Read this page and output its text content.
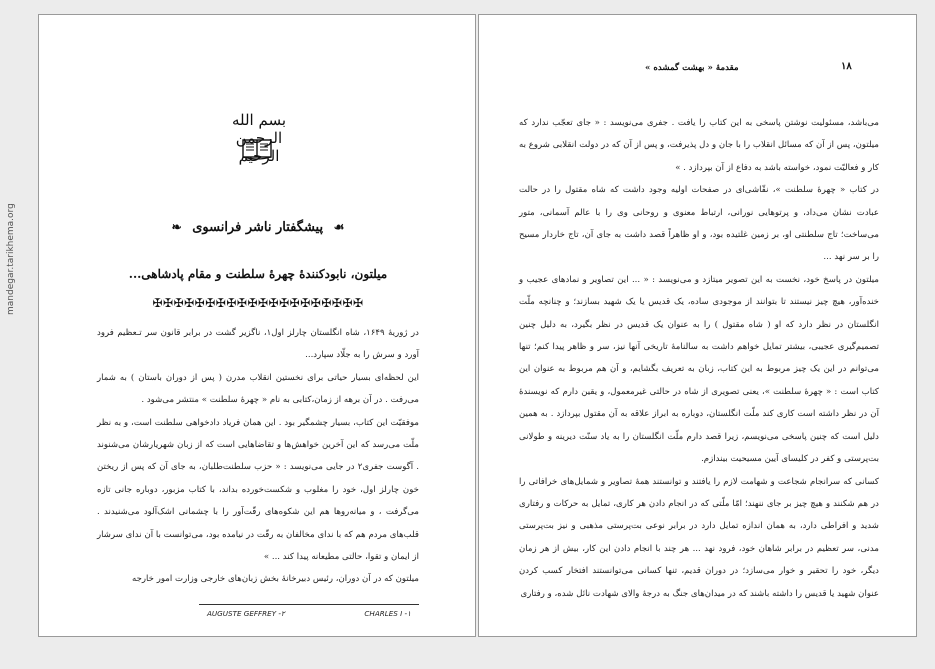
mandegar.tarikhema.org
بسم الله الرحمن الرحیم
☙ پیشگفتار ناشر فرانسوی ❧
میلتون، نابودکنندهٔ چهرهٔ سلطنت و مقام پادشاهی...
✠✠✠✠✠✠✠✠✠✠✠✠✠✠✠✠✠✠✠✠

در ژوریهٔ ۱۶۴۹، شاه انگلستان چارلز اول۱، ناگزیر گشت در برابر قانون سر تـعظیم فرود آورد و سرش را به جلّاد سپارد...

این لحظه‌ای بسیار حیاتی برای نخستین انقلاب مدرن ( پس از دوران باستان ) به شمار می‌رفت . در آن برهه از زمان،کتابی به نام « چهرهٔ سلطنت » منتشر می‌شود .

موفقیّت این کتاب، بسیار چشمگیر بود . این همان فریاد دادخواهی سلطنت است، و به نظر ملّت می‌رسد که این آخرین خواهش‌ها و تقاضاهایی است که از زبان شهریارشان می‌شنوند . آگوست جفری۲ در جایی می‌نویسد : « حزب سلطنت‌طلبان، به جای آن که پس از ریختن خون چارلز اول، خود را مغلوب و شکست‌خورده بداند، با کتاب مزبور، دوباره جانی تازه می‌گرفت ، و میانه‌روها هم این شکوه‌های رقّت‌آور را با چشمانی اشک‌آلود می‌شنیدند . قلب‌های مردم هم که با ندای مخالفان به رقّت در نیامده بود، می‌توانست با آن ندای سرشار از ایمان و تقوا، حالتی مطیعانه پیدا کند ... »

میلتون که در آن دوران، رئیس دبیرخانهٔ بخش زبان‌های خارجی وزارت امور خارجه

AUGUSTE GEFFREY -۲	CHARLES I -۱
مقدمهٔ « بهشت گمشده »	۱۸

می‌باشد، مسئولیت نوشتن پاسخی به این کتاب را یافت . جفری می‌نویسد : « جای تعجّب ندارد که میلتون، پس از آن که مسائل انقلاب را با جان و دل پذیرفت، و پس از آن که در دولت انقلابی شروع به کار و فعالیّت نمود، خواسته باشد به دفاع از آن بپردازد . »

در کتاب « چهرهٔ سلطنت »، نقّاشی‌ای در صفحات اولیه وجود داشت که شاه مقتول را در حالت عبادت نشان می‌داد، و پرتوهایی نورانی، ارتباط معنوی و روحانی وی را با عالم آسمانی، متور می‌ساخت؛ تاج سلطنتی او، بر زمین غلتیده بود، و او ظاهراً قصد داشت به جای آن، تاج خاردار مسیح را بر سر نهد ...

میلتون در پاسخ خود، نخست به این تصویر میتازد و می‌نویسد : « ... این تصاویر و نمادهای عجیب و خنده‌آور، هیچ چیز نیستند تا بتوانند از موجودی ساده، یک قدیس یا یک شهید بسازند؛ و چنانچه ملّت انگلستان در نظر دارد که او ( شاه مقتول ) را به عنوان یک قدیس در نظر بگیرد، به دلیل چنین تصمیم‌گیری عجیبی، بیشتر تمایل خواهم داشت به سالنامهٔ تاریخی آنها نیز، سر و ظاهر پیدا کنم؛ تنها می‌توانم در این یک چیز مربوط به این کتاب، زبان به تعریف بگشایم، و آن هم مربوط به عنوان این کتاب است : « چهرهٔ سلطنت »، یعنی تصویری از شاه در حالتی غیرمعمول، و یقین دارم که نویسندهٔ آن در نظر داشته است کاری کند ملّت انگلستان، دوباره به ابراز علاقه به آن مقتول بپردازد . به همین دلیل است که چنین پاسخی می‌نویسم، زیرا قصد دارم ملّت انگلستان را به یاد سنّت دیرینه و طولانی بت‌پرستی و کفر در کلیسای آیین مسیحیت بیندازم.

کسانی که سرانجام شجاعت و شهامت لازم را یافتند و توانستند همهٔ تصاویر و شمایل‌های خرافاتی را در هم شکنند و هیچ چیز بر جای ننهند؛ امّا ملّتی که در انجام دادن هر کاری، تمایل به حرکات و رفتاری شدید و افراطی دارد، به همان اندازه تمایل دارد در برابر نوعی بت‌پرستی مذهبی و نیز بت‌پرستی مدنی، سر تعظیم در برابر شاهان خود، فرود نهد ... هر چند با انجام دادن این کار، بیش از هر زمان دیگر، خود را تحقیر و خوار می‌سازد؛ در دوران قدیم، تنها کسانی می‌توانستند افتخار کسب کردن عنوان شهید یا قدیس را داشته باشند که در میدان‌های جنگ به درجهٔ والای شهادت نائل شده، و رفتاری
